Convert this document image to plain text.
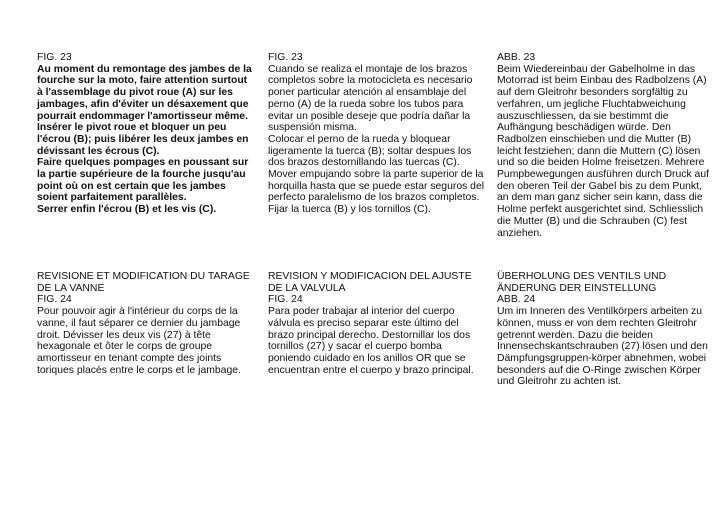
FIG. 23
Au moment du remontage des jambes de la fourche sur la moto, faire attention surtout à l'assemblage du pivot roue (A) sur les jambages, afin d'éviter un désaxement que pourrait endommager l'amortisseur même.
Insérer le pivot roue et bloquer un peu l'écrou (B); puis libérer les deux jambes en dévissant les écrous (C).
Faire quelques pompages en poussant sur la partie supérieure de la fourche jusqu'au point où on est certain que les jambes soient parfaitement parallèles.
Serrer enfin l'écrou (B) et les vis (C).
REVISIONE ET MODIFICATION DU TARAGE DE LA VANNE
FIG. 24
Pour pouvoir agir à l'intérieur du corps de la vanne, il faut séparer ce dernier du jambage droit. Dévisser les deux vis (27) à tête hexagonale et ôter le corps de groupe amortisseur en tenant compte des joints toriques placés entre le corps et le jambage.
FIG. 23
Cuando se realiza el montaje de los brazos completos sobre la motocicleta es necesario poner particular atención al ensamblaje del perno (A) de la rueda sobre los tubos para evitar un posible deseje que podría dañar la suspensión misma.
Colocar el perno de la rueda y bloquear ligeramente la tuerca (B); soltar despues los dos brazos destornillando las tuercas (C).
Mover empujando sobre la parte superior de la horquilla hasta que se puede estar seguros del perfecto paralelismo de los brazos completos.
Fijar la tuerca (B) y los tornillos (C).
REVISION Y MODIFICACION DEL AJUSTE DE LA VALVULA
FIG. 24
Para poder trabajar al interior del cuerpo válvula es preciso separar este último del brazo principal derecho. Destornillar los dos tornillos (27) y sacar el cuerpo bomba poniendo cuidado en los anillos OR que se encuentran entre el cuerpo y brazo principal.
ABB. 23
Beim Wiedereinbau der Gabelholme in das Motorrad ist beim Einbau des Radbolzens (A) auf dem Gleitrohr besonders sorgfältig zu verfahren, um jegliche Fluchtabweichung auszuschliessen, da sie bestimmt die Aufhängung beschädigen würde. Den Radbolzen einschieben und die Mutter (B) leicht festziehen; dann die Muttern (C) lösen und so die beiden Holme freisetzen. Mehrere Pumpbewegungen ausführen durch Druck auf den oberen Teil der Gabel bis zu dem Punkt, an dem man ganz sicher sein kann, dass die Holme perfekt ausgerichtet sind. Schliesslich die Mutter (B) und die Schrauben (C) fest anziehen.
ÜBERHOLUNG DES VENTILS UND ÄNDERUNG DER EINSTELLUNG
ABB. 24
Um im Inneren des Ventilkörpers arbeiten zu können, muss er von dem rechten Gleitrohr getrennt werden. Dazu die beiden Innensechskantschrauben (27) lösen und den Dämpfungsgruppen-körper abnehmen, wobei besonders auf die O-Ringe zwischen Körper und Gleitrohr zu achten ist.
